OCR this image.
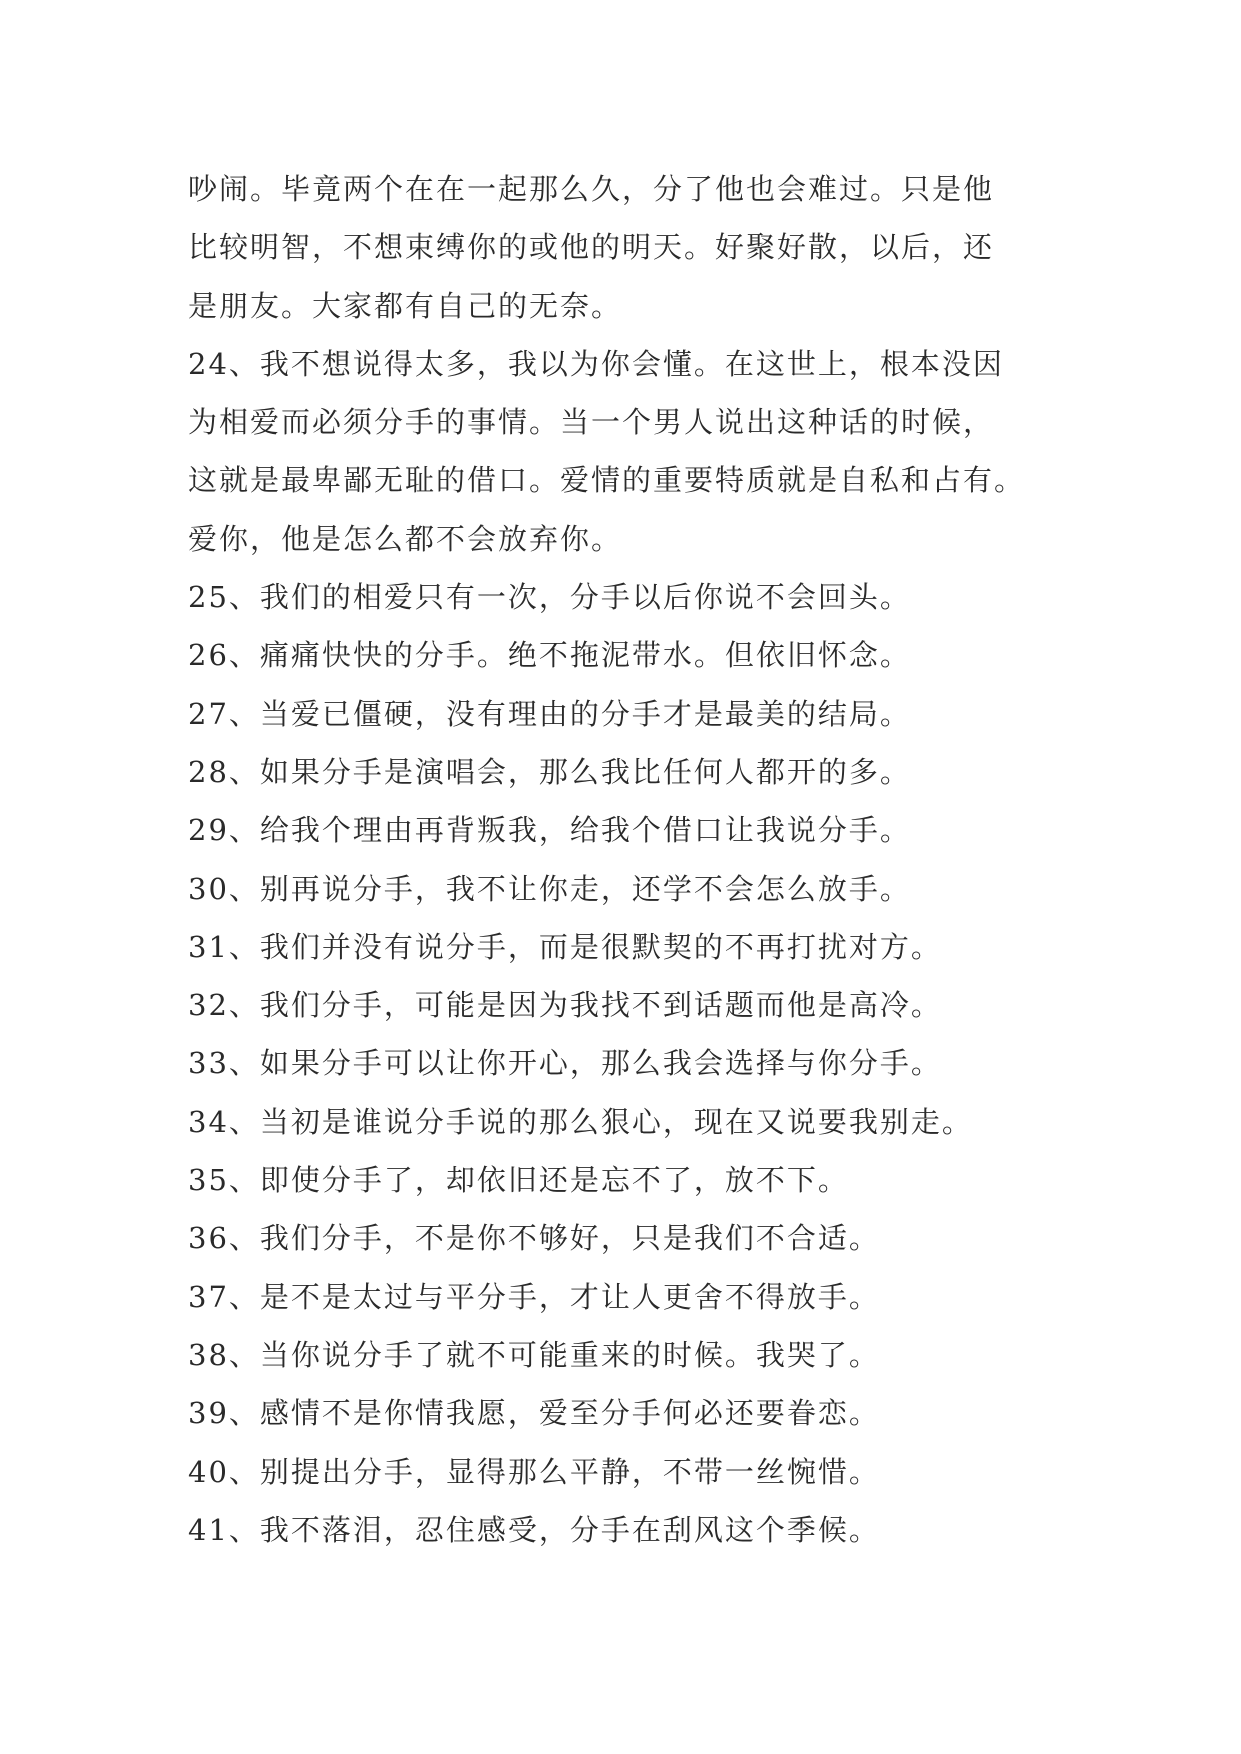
吵闹。毕竟两个在在一起那么久，分了他也会难过。只是他
比较明智，不想束缚你的或他的明天。好聚好散，以后，还
是朋友。大家都有自己的无奈。
24、我不想说得太多，我以为你会懂。在这世上，根本没因
为相爱而必须分手的事情。当一个男人说出这种话的时候，
这就是最卑鄙无耻的借口。爱情的重要特质就是自私和占有。
爱你，他是怎么都不会放弃你。
25、我们的相爱只有一次，分手以后你说不会回头。
26、痛痛快快的分手。绝不拖泥带水。但依旧怀念。
27、当爱已僵硬，没有理由的分手才是最美的结局。
28、如果分手是演唱会，那么我比任何人都开的多。
29、给我个理由再背叛我，给我个借口让我说分手。
30、别再说分手，我不让你走，还学不会怎么放手。
31、我们并没有说分手，而是很默契的不再打扰对方。
32、我们分手，可能是因为我找不到话题而他是高冷。
33、如果分手可以让你开心，那么我会选择与你分手。
34、当初是谁说分手说的那么狠心，现在又说要我别走。
35、即使分手了，却依旧还是忘不了，放不下。
36、我们分手，不是你不够好，只是我们不合适。
37、是不是太过与平分手，才让人更舍不得放手。
38、当你说分手了就不可能重来的时候。我哭了。
39、感情不是你情我愿，爱至分手何必还要眷恋。
40、别提出分手，显得那么平静，不带一丝惋惜。
41、我不落泪，忍住感受，分手在刮风这个季候。
